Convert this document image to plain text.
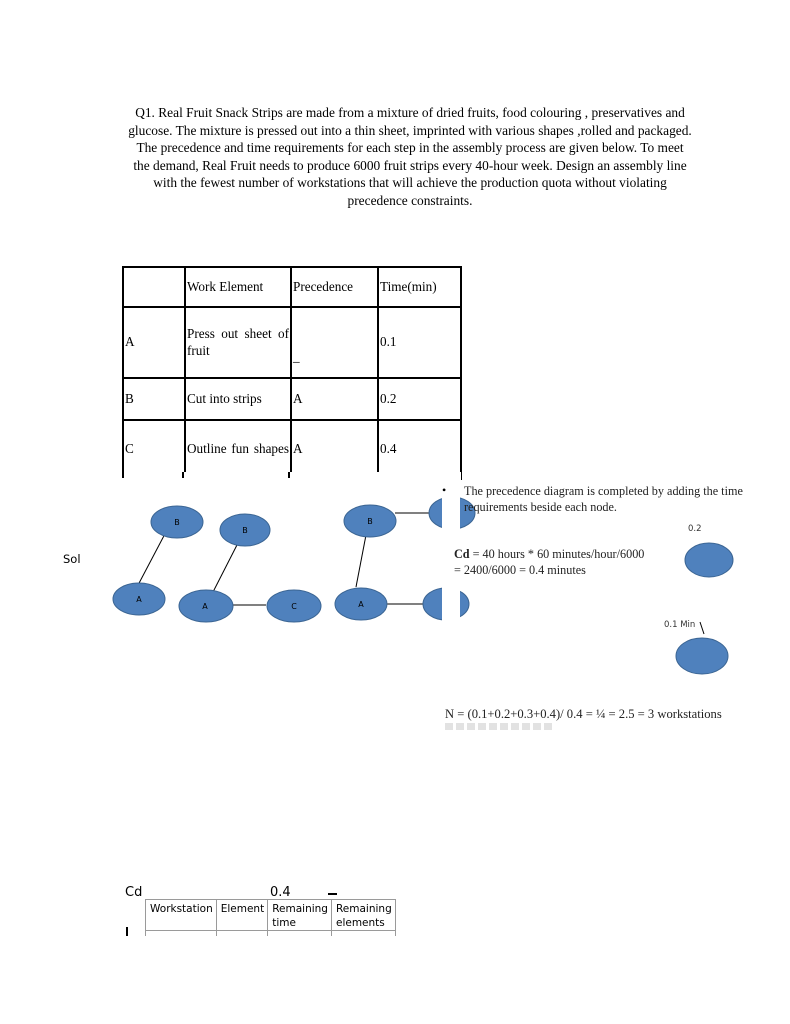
Q1. Real Fruit Snack Strips are made from a mixture of dried fruits, food colouring , preservatives and
glucose. The mixture is pressed out into a thin sheet, imprinted with various shapes ,rolled and packaged.
The precedence and time requirements for each step in the assembly process are given below. To meet
the demand, Real Fruit needs to produce 6000 fruit strips every 40-hour week. Design an assembly line
with the fewest number of workstations that will achieve the production quota without violating
precedence constraints.
	Work Element	Precedence	Time(min)
A	Press out sheet of fruit	_	0.1
B	Cut into strips	A	0.2
C	Outline fun shapes	A	0.4
Sol
B
B
B
A
A	C	A
• The precedence diagram is completed by adding the time requirements beside each node.
0.2
Cd = 40 hours * 60 minutes/hour/6000
= 2400/6000 = 0.4 minutes
0.1 Min
N = (0.1+0.2+0.3+0.4)/ 0.4 = ¼ = 2.5 = 3 workstations
Cd	0.4
Workstation	Element	Remaining time	Remaining elements
